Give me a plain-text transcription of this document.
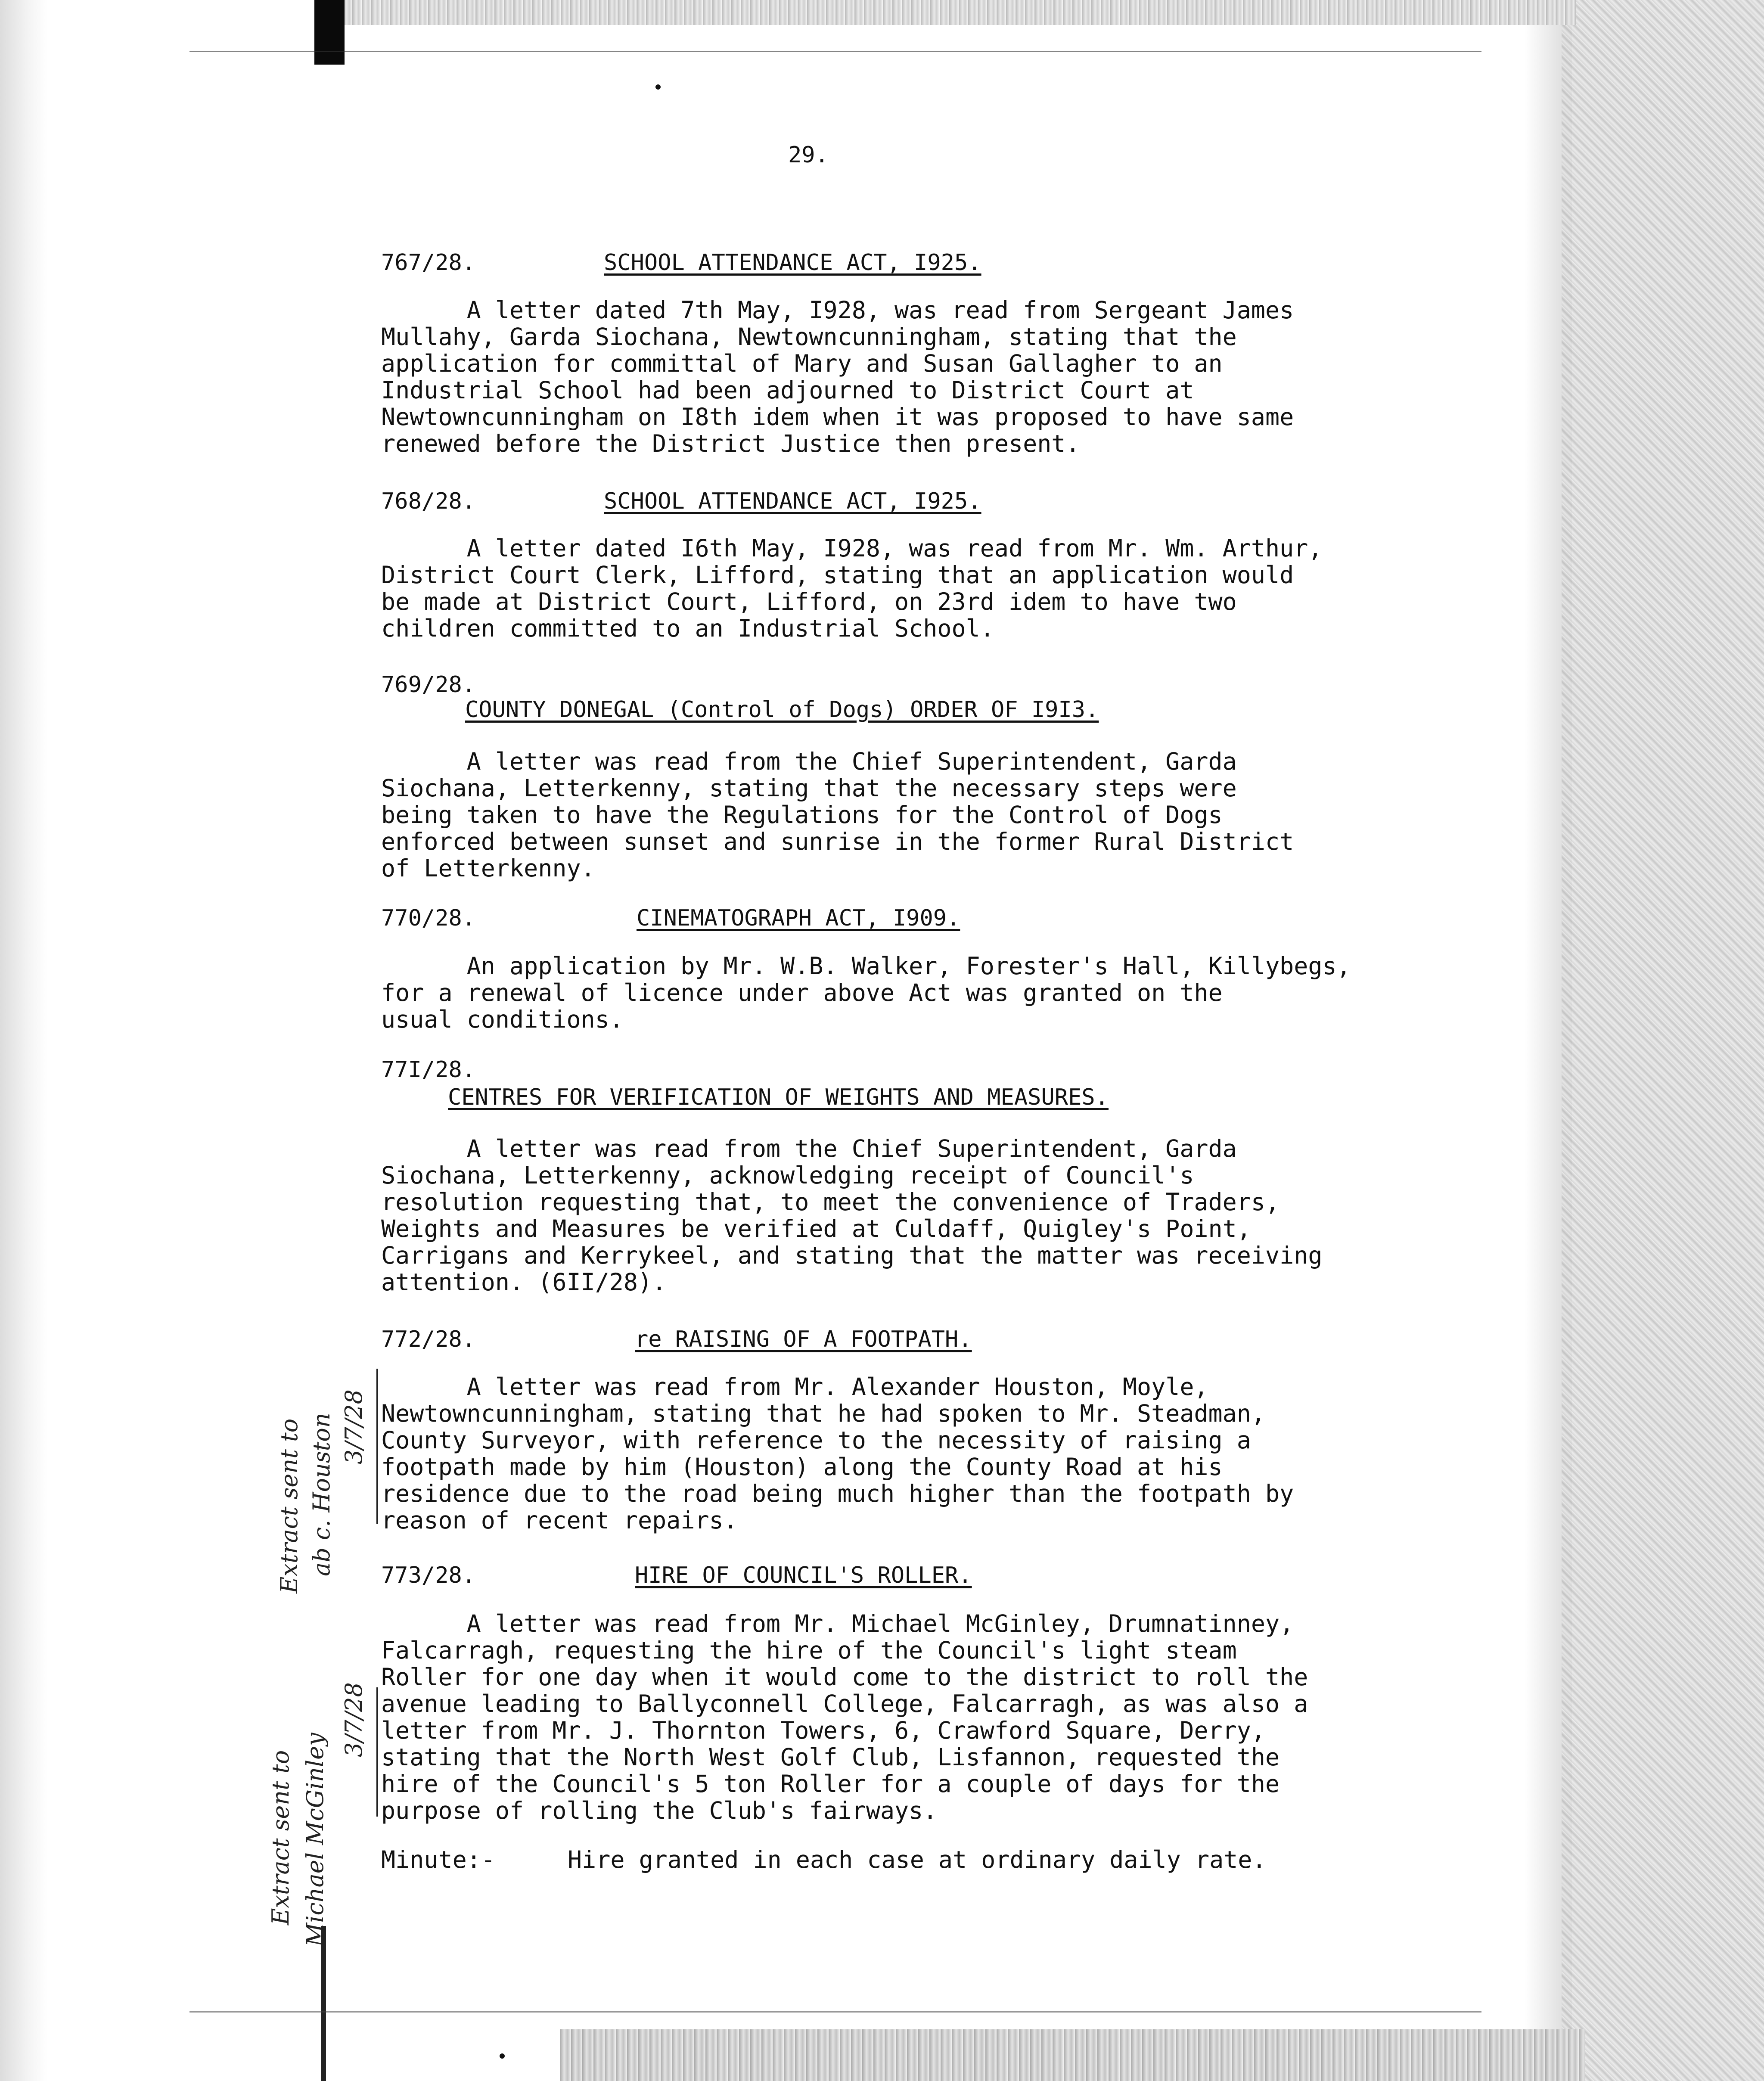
29.
767/28.	SCHOOL ATTENDANCE ACT, I925.
A letter dated 7th May, I928, was read from Sergeant James
Mullahy, Garda Siochana, Newtowncunningham, stating that the
application for committal of Mary and Susan Gallagher to an
Industrial School had been adjourned to District Court at
Newtowncunningham on I8th idem when it was proposed to have same
renewed before the District Justice then present.
768/28.	SCHOOL ATTENDANCE ACT, I925.
A letter dated I6th May, I928, was read from Mr. Wm. Arthur,
District Court Clerk, Lifford, stating that an application would
be made at District Court, Lifford, on 23rd idem to have two
children committed to an Industrial School.
769/28.
COUNTY DONEGAL (Control of Dogs) ORDER OF I9I3.
A letter was read from the Chief Superintendent, Garda
Siochana, Letterkenny, stating that the necessary steps were
being taken to have the Regulations for the Control of Dogs
enforced between sunset and sunrise in the former Rural District
of Letterkenny.
770/28.	CINEMATOGRAPH ACT, I909.
An application by Mr. W.B. Walker, Forester's Hall, Killybegs,
for a renewal of licence under above Act was granted on the
usual conditions.
77I/28.
CENTRES FOR VERIFICATION OF WEIGHTS AND MEASURES.
A letter was read from the Chief Superintendent, Garda
Siochana, Letterkenny, acknowledging receipt of Council's
resolution requesting that, to meet the convenience of Traders,
Weights and Measures be verified at Culdaff, Quigley's Point,
Carrigans and Kerrykeel, and stating that the matter was receiving
attention. (6II/28).
772/28.	re RAISING OF A FOOTPATH.
A letter was read from Mr. Alexander Houston, Moyle,
Newtowncunningham, stating that he had spoken to Mr. Steadman,
County Surveyor, with reference to the necessity of raising a
footpath made by him (Houston) along the County Road at his
residence due to the road being much higher than the footpath by
reason of recent repairs.
Extract sent to ab c. Houston 3/7/28
773/28.	HIRE OF COUNCIL'S ROLLER.
A letter was read from Mr. Michael McGinley, Drumnatinney,
Falcarragh, requesting the hire of the Council's light steam
Roller for one day when it would come to the district to roll the
avenue leading to Ballyconnell College, Falcarragh, as was also a
letter from Mr. J. Thornton Towers, 6, Crawford Square, Derry,
stating that the North West Golf Club, Lisfannon, requested the
hire of the Council's 5 ton Roller for a couple of days for the
purpose of rolling the Club's fairways.
Minute:-	Hire granted in each case at ordinary daily rate.
Extract sent to Michael McGinley
3/7/28
